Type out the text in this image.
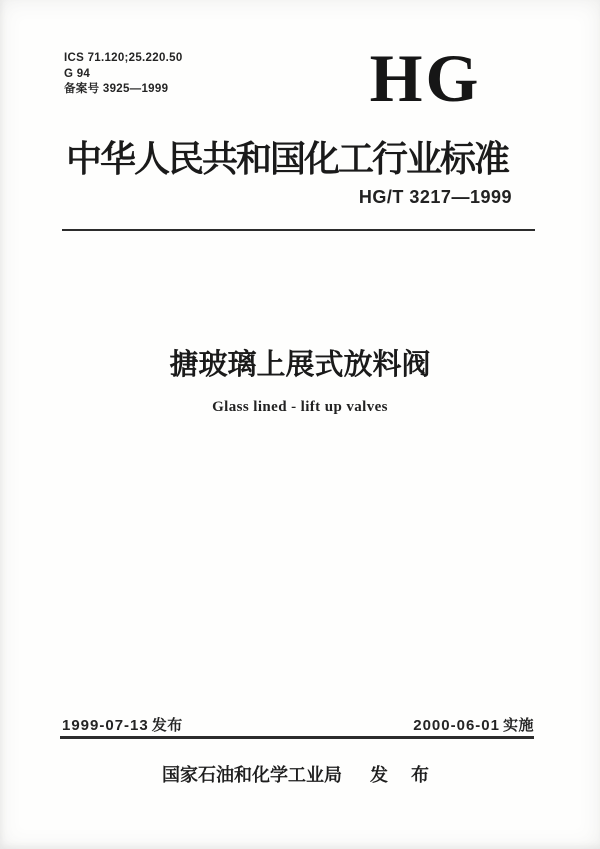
ICS 71.120;25.220.50
G 94
备案号 3925—1999	HG
中华人民共和国化工行业标准
HG/T 3217—1999
搪玻璃上展式放料阀
Glass lined - lift up valves
1999-07-13 发布	2000-06-01 实施
国家石油和化学工业局 发 布
